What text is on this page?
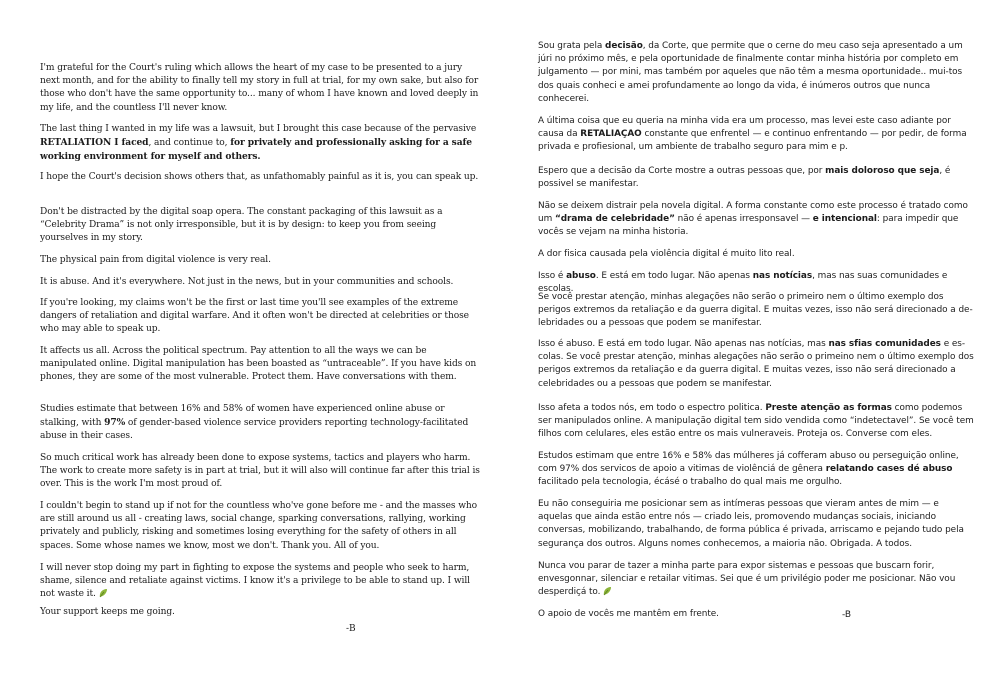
I'm grateful for the Court's ruling which allows the heart of my case to be presented to a jury next month, and for the ability to finally tell my story in full at trial, for my own sake, but also for those who don't have the same opportunity to... many of whom I have known and loved deeply in my life, and the countless I'll never know.

The last thing I wanted in my life was a lawsuit, but I brought this case because of the pervasive RETALIATION I faced, and continue to, for privately and professionally asking for a safe working environment for myself and others.

I hope the Court's decision shows others that, as unfathomably painful as it is, you can speak up.

Don't be distracted by the digital soap opera. The constant packaging of this lawsuit as a “Celebrity Drama” is not only irresponsible, but it is by design: to keep you from seeing yourselves in my story.

The physical pain from digital violence is very real.

It is abuse. And it's everywhere. Not just in the news, but in your communities and schools.

If you're looking, my claims won't be the first or last time you'll see examples of the extreme dangers of retaliation and digital warfare. And it often won't be directed at celebrities or those who may able to speak up.

It affects us all. Across the political spectrum. Pay attention to all the ways we can be manipulated online. Digital manipulation has been boasted as “untraceable”. If you have kids on phones, they are some of the most vulnerable. Protect them. Have conversations with them.

Studies estimate that between 16% and 58% of women have experienced online abuse or stalking, with 97% of gender-based violence service providers reporting technology-facilitated abuse in their cases.

So much critical work has already been done to expose systems, tactics and players who harm. The work to create more safety is in part at trial, but it will also will continue far after this trial is over. This is the work I'm most proud of.

I couldn't begin to stand up if not for the countless who've gone before me - and the masses who are still around us all - creating laws, social change, sparking conversations, rallying, working privately and publicly, risking and sometimes losing everything for the safety of others in all spaces. Some whose names we know, most we don't. Thank you. All of you.

I will never stop doing my part in fighting to expose the systems and people who seek to harm, shame, silence and retaliate against victims. I know it's a privilege to be able to stand up. I will not waste it.

Your support keeps me going.

-B

Sou grata pela decisão, da Corte, que permite que o cerne do meu caso seja apresentado a um júri no próximo mês, e pela oportunidade de finalmente contar minha história por completo em julgamento — por mini, mas também por aqueles que não têm a mesma oportunidade.. mui-tos dos quais conheci e amei profundamente ao longo da vida, é inúmeros outros que nunca conhecerei.

A última coisa que eu queria na minha vida era um processo, mas levei este caso adiante por causa da RETALIAÇAO constante que enfrentel — e continuo enfrentando — por pedir, de forma privada e profiesional, um ambiente de trabalho seguro para mim e p.

Espero que a decisão da Corte mostre a outras pessoas que, por mais doloroso que seja, é possivel se manifestar.

Não se deixem distrair pela novela digital. A forma constante como este processo é tratado como um “drama de celebridade” não é apenas irresponsavel — e intencional: para impedir que vocês se vejam na minha historia.

A dor fisica causada pela violência digital é muito lito real.

Isso é abuso. E está em todo lugar. Não apenas nas notícias, mas nas suas comunidades e escolas.

Se você prestar atenção, minhas alegações não serão o primeiro nem o último exemplo dos perigos extremos da retaliação e da guerra digital. E muitas vezes, isso não será direcionado a de-lebridades ou a pessoas que podem se manifestar.

Isso é abuso. E está em todo lugar. Não apenas nas notícias, mas nas sfias comunidades e es-colas. Se você prestar atenção, minhas alegações não serão o primeino nem o último exemplo dos perigos extremos da retaliação e da guerra digital. E muitas vezes, isso não será direcionado a celebridades ou a pessoas que podem se manifestar.

Isso afeta a todos nós, em todo o espectro politica. Preste atenção as formas como podemos ser manipulados online. A manipulação digital tem sido vendida como “indetectavel”. Se você tem filhos com celulares, eles estão entre os mais vulneraveis. Proteja os. Converse com eles.

Estudos estimam que entre 16% e 58% das múlheres já cofferam abuso ou perseguição online, com 97% dos servicos de apoio a vitimas de violênciá de gênera relatando cases dé abuso facilitado pela tecnologia, écásé o trabalho do qual mais me orgulho.

Eu não conseguiria me posicionar sem as intímeras pessoas que vieram antes de mim — e aquelas que ainda estão entre nós — criado leis, promovendo mudanças sociais, iniciando conversas, mobilizando, trabalhando, de forma pública é privada, arriscamo e pejando tudo pela segurança dos outros. Alguns nomes conhecemos, a maioria não. Obrigada. A todos.

Nunca vou parar de tazer a minha parte para expor sistemas e pessoas que buscarn forir, envesgonnar, silenciar e retailar vitimas. Sei que é um privilégio poder me posicionar. Não vou desperdiçá to.

O apoio de vocês me mantêm em frente.	-B
